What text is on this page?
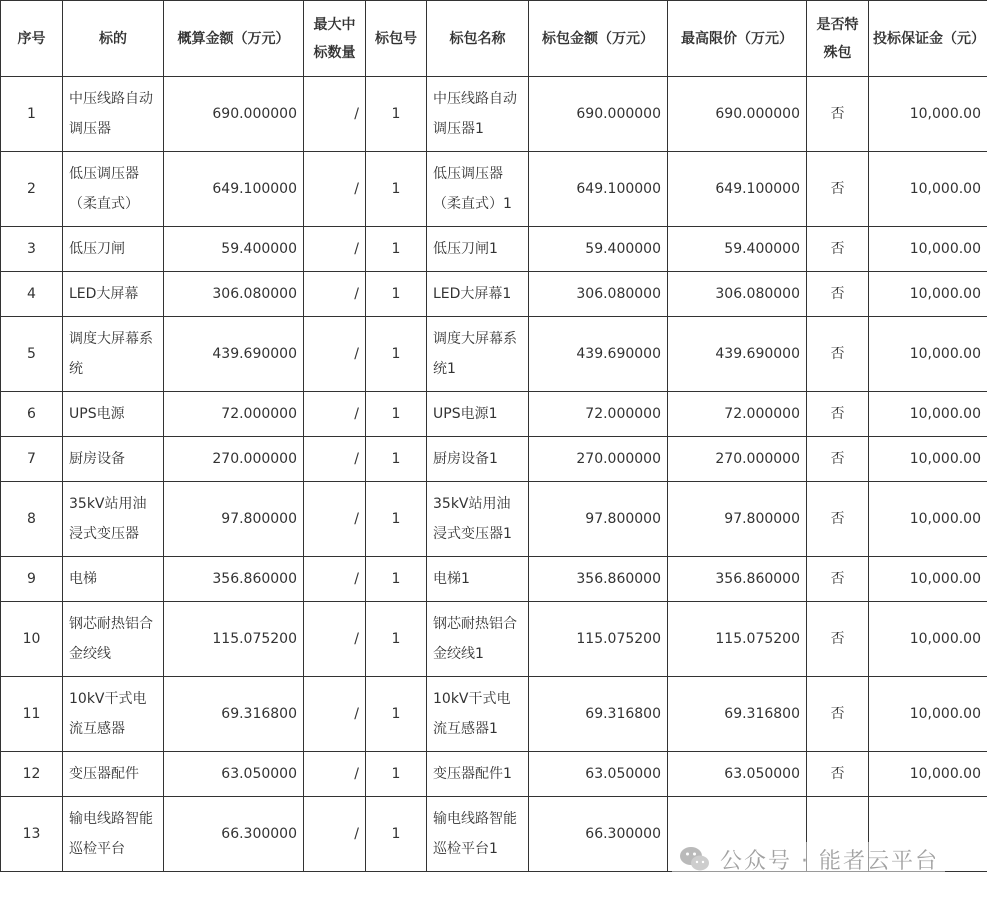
序号	标的	概算金额（万元）	最大中标数量	标包号	标包名称	标包金额（万元）	最高限价（万元）	是否特殊包	投标保证金（元）
1	中压线路自动调压器	690.000000	/	1	中压线路自动调压器1	690.000000	690.000000	否	10,000.00
2	低压调压器（柔直式）	649.100000	/	1	低压调压器（柔直式）1	649.100000	649.100000	否	10,000.00
3	低压刀闸	59.400000	/	1	低压刀闸1	59.400000	59.400000	否	10,000.00
4	LED大屏幕	306.080000	/	1	LED大屏幕1	306.080000	306.080000	否	10,000.00
5	调度大屏幕系统	439.690000	/	1	调度大屏幕系统1	439.690000	439.690000	否	10,000.00
6	UPS电源	72.000000	/	1	UPS电源1	72.000000	72.000000	否	10,000.00
7	厨房设备	270.000000	/	1	厨房设备1	270.000000	270.000000	否	10,000.00
8	35kV站用油浸式变压器	97.800000	/	1	35kV站用油浸式变压器1	97.800000	97.800000	否	10,000.00
9	电梯	356.860000	/	1	电梯1	356.860000	356.860000	否	10,000.00
10	钢芯耐热铝合金绞线	115.075200	/	1	钢芯耐热铝合金绞线1	115.075200	115.075200	否	10,000.00
11	10kV干式电流互感器	69.316800	/	1	10kV干式电流互感器1	69.316800	69.316800	否	10,000.00
12	变压器配件	63.050000	/	1	变压器配件1	63.050000	63.050000	否	10,000.00
13	输电线路智能巡检平台	66.300000	/	1	输电线路智能巡检平台1	66.300000			
公众号 · 能者云平台
